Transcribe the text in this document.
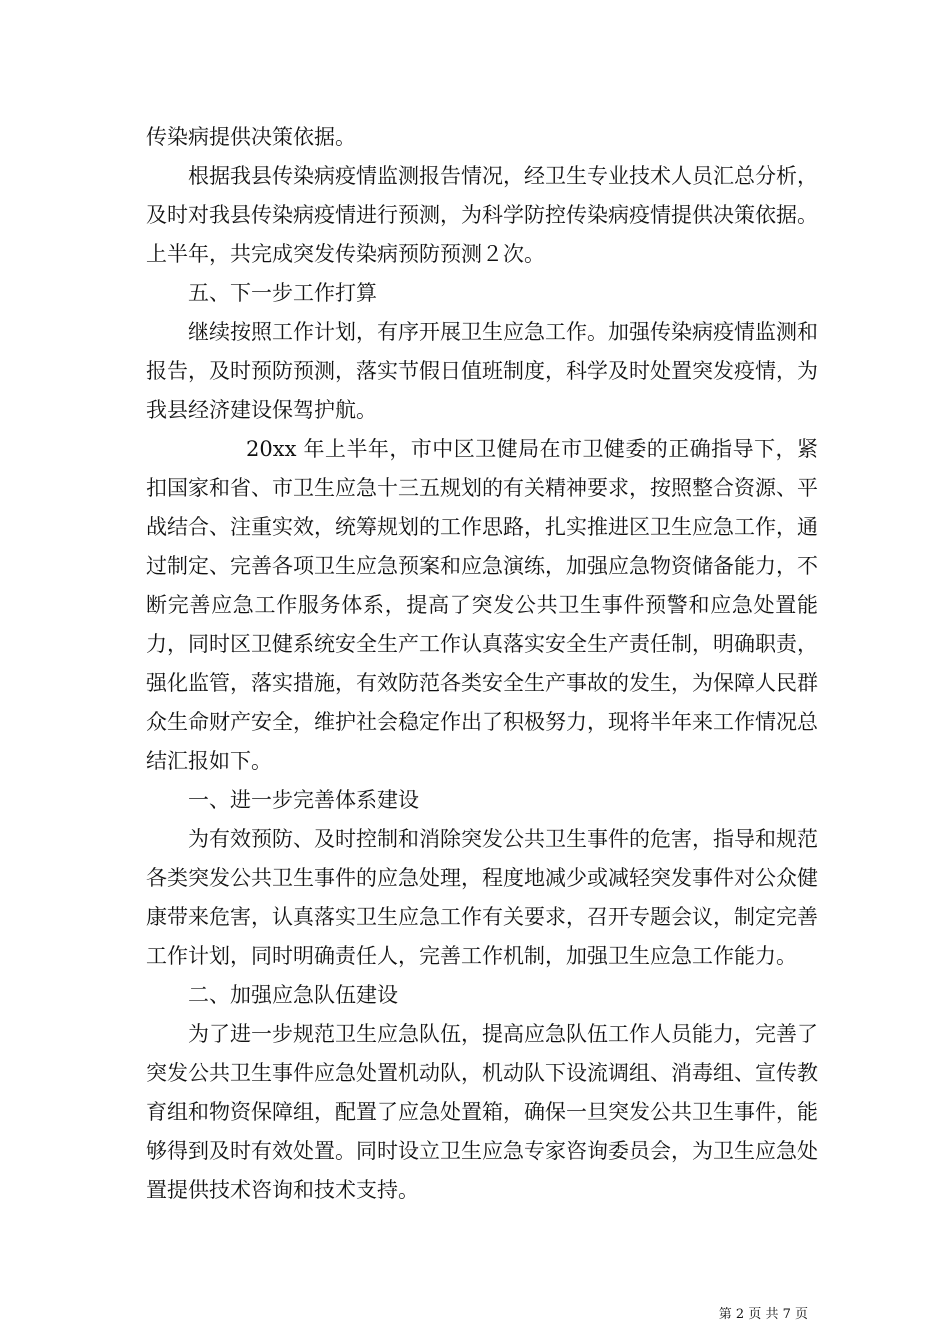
传染病提供决策依据。

根据我县传染病疫情监测报告情况，经卫生专业技术人员汇总分析，及时对我县传染病疫情进行预测，为科学防控传染病疫情提供决策依据。上半年，共完成突发传染病预防预测２次。

五、下一步工作打算

继续按照工作计划，有序开展卫生应急工作。加强传染病疫情监测和报告，及时预防预测，落实节假日值班制度，科学及时处置突发疫情，为我县经济建设保驾护航。

20xx 年上半年，市中区卫健局在市卫健委的正确指导下，紧扣国家和省、市卫生应急十三五规划的有关精神要求，按照整合资源、平战结合、注重实效，统筹规划的工作思路，扎实推进区卫生应急工作，通过制定、完善各项卫生应急预案和应急演练，加强应急物资储备能力，不断完善应急工作服务体系，提高了突发公共卫生事件预警和应急处置能力，同时区卫健系统安全生产工作认真落实安全生产责任制，明确职责，强化监管，落实措施，有效防范各类安全生产事故的发生，为保障人民群众生命财产安全，维护社会稳定作出了积极努力，现将半年来工作情况总结汇报如下。

一、进一步完善体系建设

为有效预防、及时控制和消除突发公共卫生事件的危害，指导和规范各类突发公共卫生事件的应急处理，程度地减少或减轻突发事件对公众健康带来危害，认真落实卫生应急工作有关要求，召开专题会议，制定完善工作计划，同时明确责任人，完善工作机制，加强卫生应急工作能力。

二、加强应急队伍建设

为了进一步规范卫生应急队伍，提高应急队伍工作人员能力，完善了突发公共卫生事件应急处置机动队，机动队下设流调组、消毒组、宣传教育组和物资保障组，配置了应急处置箱，确保一旦突发公共卫生事件，能够得到及时有效处置。同时设立卫生应急专家咨询委员会，为卫生应急处置提供技术咨询和技术支持。

第 2 页 共 7 页
